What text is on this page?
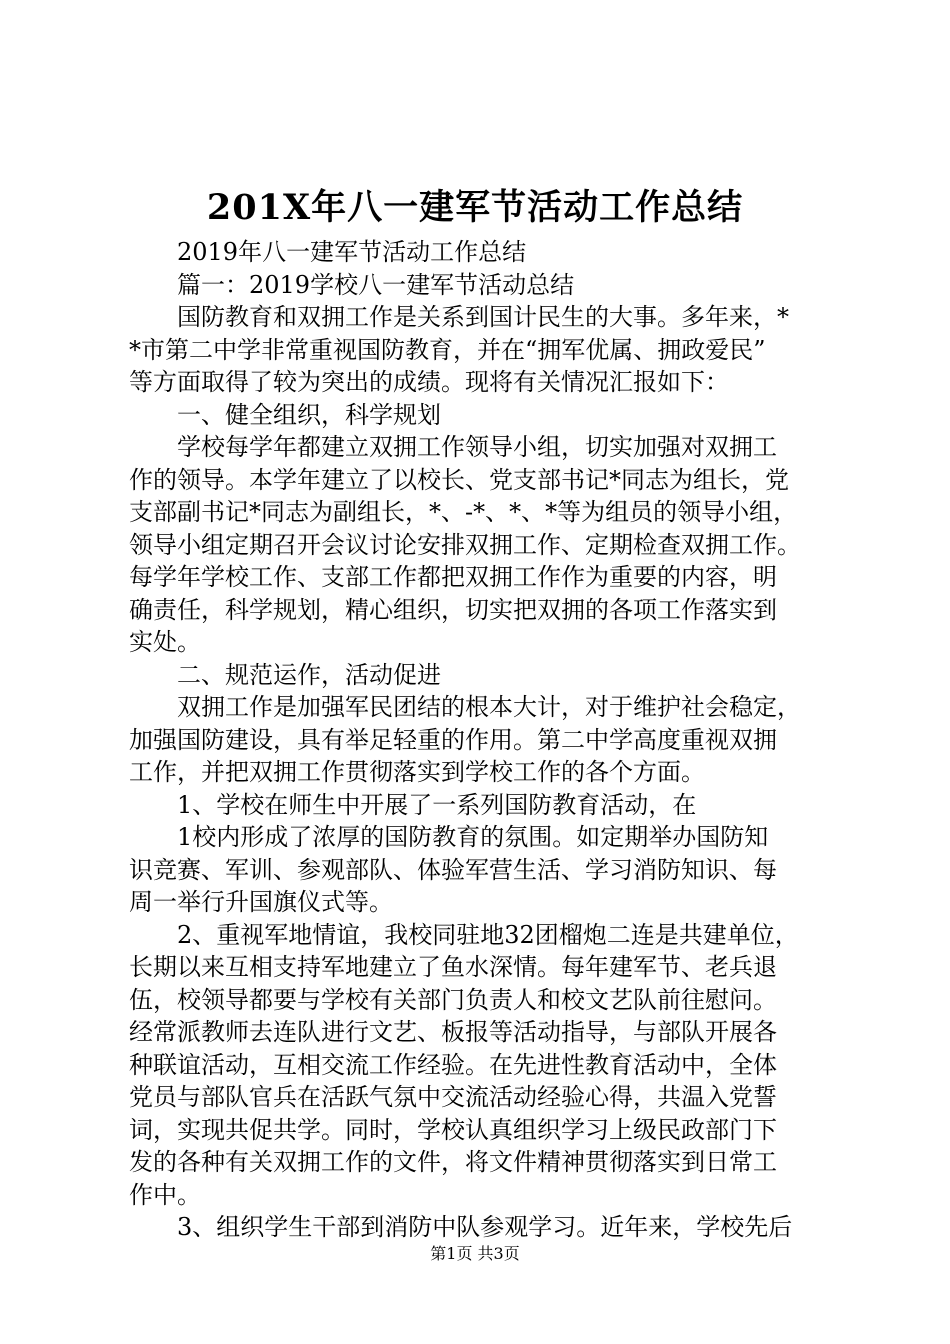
201X年八一建军节活动工作总结
　　2019年八一建军节活动工作总结
　　篇一：2019学校八一建军节活动总结
　　国防教育和双拥工作是关系到国计民生的大事。多年来，*
*市第二中学非常重视国防教育，并在“拥军优属、拥政爱民”
等方面取得了较为突出的成绩。现将有关情况汇报如下：
　　一、健全组织，科学规划
　　学校每学年都建立双拥工作领导小组，切实加强对双拥工
作的领导。本学年建立了以校长、党支部书记*同志为组长，党
支部副书记*同志为副组长，*、-*、*、*等为组员的领导小组，
领导小组定期召开会议讨论安排双拥工作、定期检查双拥工作。
每学年学校工作、支部工作都把双拥工作作为重要的内容，明
确责任，科学规划，精心组织，切实把双拥的各项工作落实到
实处。
　　二、规范运作，活动促进
　　双拥工作是加强军民团结的根本大计，对于维护社会稳定，
加强国防建设，具有举足轻重的作用。第二中学高度重视双拥
工作，并把双拥工作贯彻落实到学校工作的各个方面。
　　1、学校在师生中开展了一系列国防教育活动，在
　　1校内形成了浓厚的国防教育的氛围。如定期举办国防知
识竞赛、军训、参观部队、体验军营生活、学习消防知识、每
周一举行升国旗仪式等。
　　2、重视军地情谊，我校同驻地32团榴炮二连是共建单位，
长期以来互相支持军地建立了鱼水深情。每年建军节、老兵退
伍，校领导都要与学校有关部门负责人和校文艺队前往慰问。
经常派教师去连队进行文艺、板报等活动指导，与部队开展各
种联谊活动，互相交流工作经验。在先进性教育活动中，全体
党员与部队官兵在活跃气氛中交流活动经验心得，共温入党誓
词，实现共促共学。同时，学校认真组织学习上级民政部门下
发的各种有关双拥工作的文件，将文件精神贯彻落实到日常工
作中。
　　3、组织学生干部到消防中队参观学习。近年来，学校先后
第1页 共3页
